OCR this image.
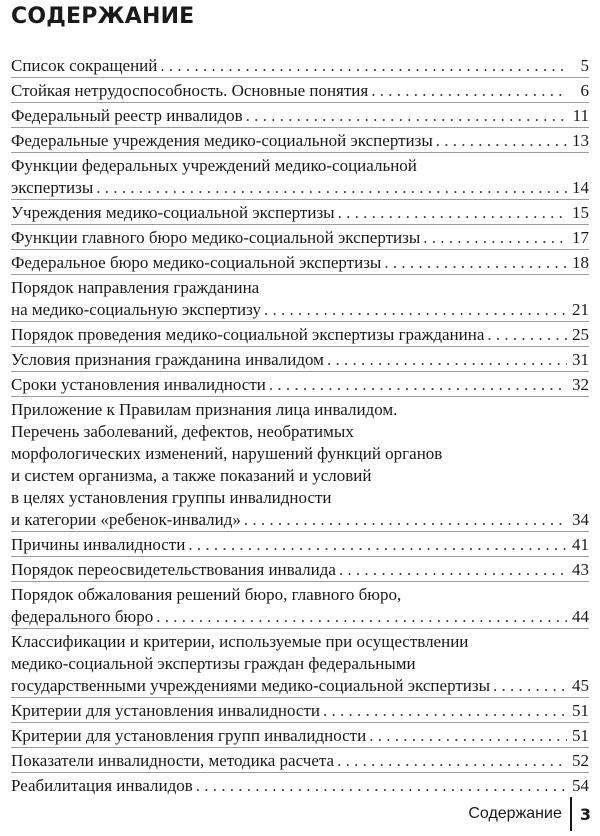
СОДЕРЖАНИЕ
Список сокращений . . .	5
Стойкая нетрудоспособность. Основные понятия . . .	6
Федеральный реестр инвалидов . . .	11
Федеральные учреждения медико-социальной экспертизы . . .	13
Функции федеральных учреждений медико-социальной
экспертизы . . .	14
Учреждения медико-социальной экспертизы . . .	15
Функции главного бюро медико-социальной экспертизы . . .	17
Федеральное бюро медико-социальной экспертизы . . .	18
Порядок направления гражданина
на медико-социальную экспертизу . . .	21
Порядок проведения медико-социальной экспертизы гражданина . . .	25
Условия признания гражданина инвалидом . . .	31
Сроки установления инвалидности . . .	32
Приложение к Правилам признания лица инвалидом.
Перечень заболеваний, дефектов, необратимых
морфологических изменений, нарушений функций органов
и систем организма, а также показаний и условий
в целях установления группы инвалидности
и категории «ребенок-инвалид» . . .	34
Причины инвалидности . . .	41
Порядок переосвидетельствования инвалида . . .	43
Порядок обжалования решений бюро, главного бюро,
федерального бюро . . .	44
Классификации и критерии, используемые при осуществлении
медико-социальной экспертизы граждан федеральными
государственными учреждениями медико-социальной экспертизы . . .	45
Критерии для установления инвалидности . . .	51
Критерии для установления групп инвалидности . . .	51
Показатели инвалидности, методика расчета . . .	52
Реабилитация инвалидов . . .	54
Содержание	3
